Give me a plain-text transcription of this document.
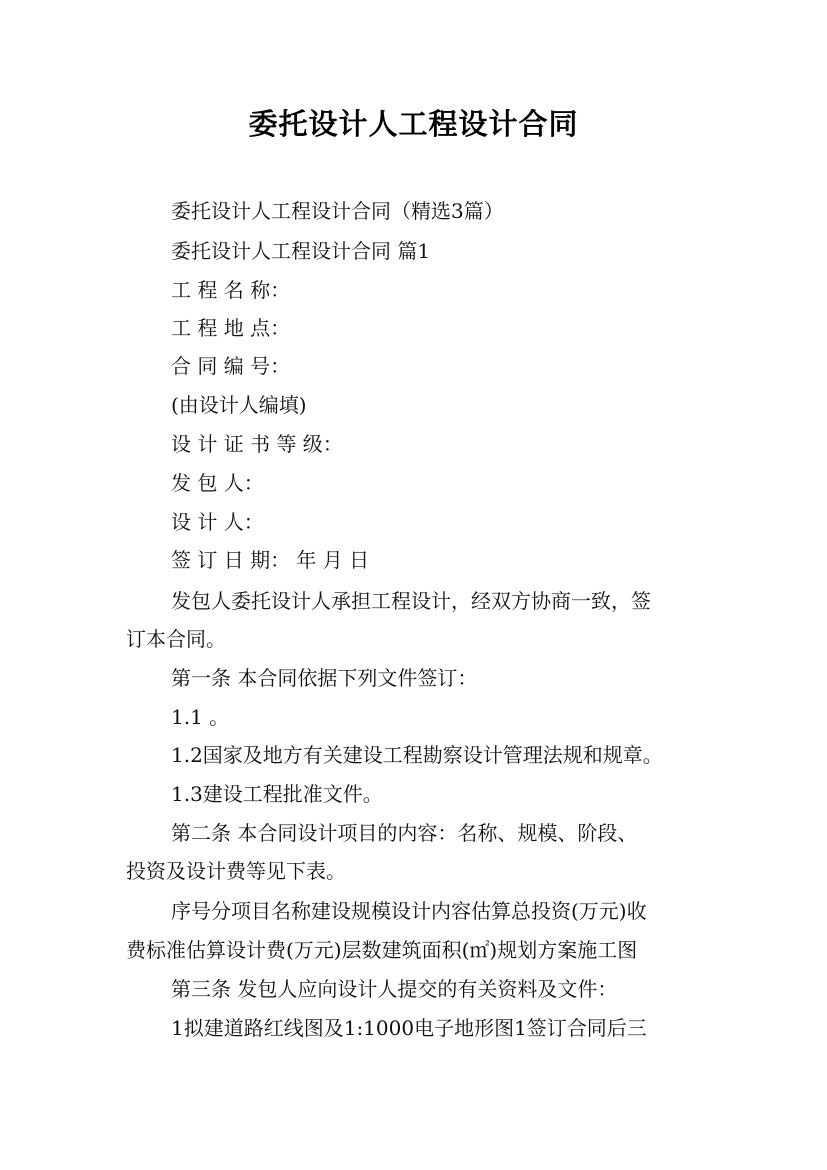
委托设计人工程设计合同
委托设计人工程设计合同（精选3篇）
委托设计人工程设计合同 篇1
工 程 名 称：
工 程 地 点：
合 同 编 号：
(由设计人编填)
设 计 证 书 等 级：
发 包 人：
设 计 人：
签 订 日 期： 年 月 日
发包人委托设计人承担工程设计，经双方协商一致，签
订本合同。
第一条 本合同依据下列文件签订：
1.1 。
1.2国家及地方有关建设工程勘察设计管理法规和规章。
1.3建设工程批准文件。
第二条 本合同设计项目的内容：名称、规模、阶段、
投资及设计费等见下表。
序号分项目名称建设规模设计内容估算总投资(万元)收
费标准估算设计费(万元)层数建筑面积(㎡)规划方案施工图
第三条 发包人应向设计人提交的有关资料及文件：
1拟建道路红线图及1:1000电子地形图1签订合同后三
